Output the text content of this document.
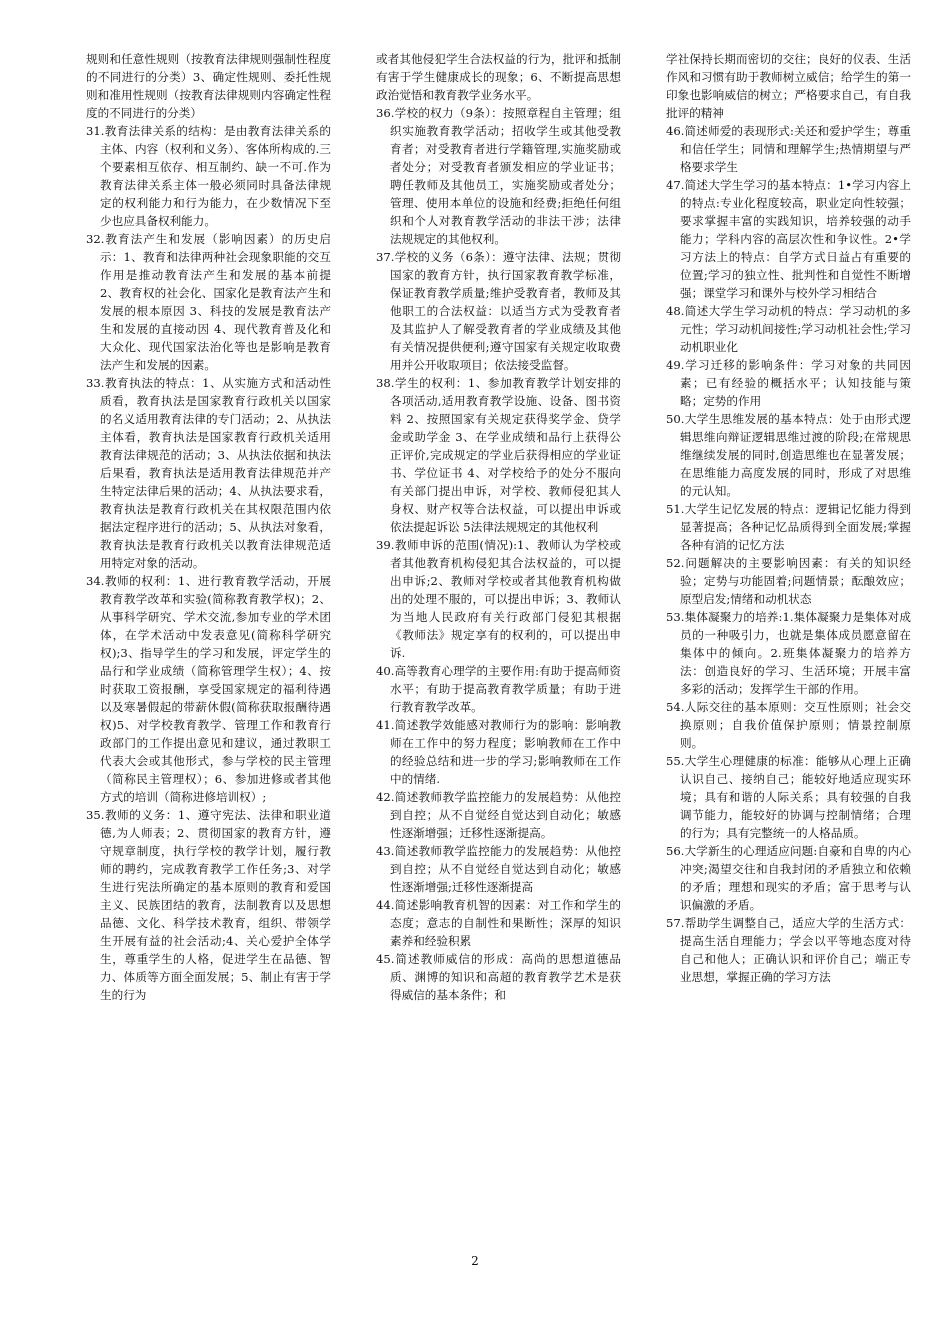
规则和任意性规则（按教育法律规则强制性程度的不同进行的分类）3、确定性规则、委托性规则和准用性规则（按教育法律规则内容确定性程度的不同进行的分类）

31.教育法律关系的结构：是由教育法律关系的主体、内容（权利和义务）、客体所构成的.三个要素相互依存、相互制约、缺一不可.作为教育法律关系主体一般必须同时具备法律规定的权利能力和行为能力，在少数情况下至少也应具备权利能力。

32.教育法产生和发展（影响因素）的历史启示：1、教育和法律两种社会现象职能的交互作用是推动教育法产生和发展的基本前提 2、教育权的社会化、国家化是教育法产生和发展的根本原因 3、科技的发展是教育法产生和发展的直接动因 4、现代教育普及化和大众化、现代国家法治化等也是影响是教育法产生和发展的因素。

33.教育执法的特点：1、从实施方式和活动性质看，教育执法是国家教育行政机关以国家的名义适用教育法律的专门活动；2、从执法主体看，教育执法是国家教育行政机关适用教育法律规范的活动；3、从执法依据和执法后果看，教育执法是适用教育法律规范并产生特定法律后果的活动；4、从执法要求看，教育执法是教育行政机关在其权限范围内依据法定程序进行的活动；5、从执法对象看，教育执法是教育行政机关以教育法律规范适用特定对象的活动。

34.教师的权利：1、进行教育教学活动，开展教育教学改革和实验(简称教育教学权)；2、从事科学研究、学术交流,参加专业的学术团体，在学术活动中发表意见(简称科学研究权);3、指导学生的学习和发展，评定学生的品行和学业成绩（简称管理学生权）；4、按时获取工资报酬，享受国家规定的福利待遇以及寒暑假起的带薪休假(简称获取报酬待遇权)5、对学校教育教学、管理工作和教育行政部门的工作提出意见和建议，通过教职工代表大会或其他形式，参与学校的民主管理（简称民主管理权）；6、参加进修或者其他方式的培训（简称进修培训权）;

35.教师的义务：1、遵守宪法、法律和职业道德,为人师表；2、贯彻国家的教育方针，遵守规章制度，执行学校的教学计划，履行教师的聘约，完成教育教学工作任务;3、对学生进行宪法所确定的基本原则的教育和爱国主义、民族团结的教育，法制教育以及思想品德、文化、科学技术教育，组织、带领学生开展有益的社会活动;4、关心爱护全体学生，尊重学生的人格，促进学生在品德、智力、体质等方面全面发展；5、制止有害于学生的行为

或者其他侵犯学生合法权益的行为，批评和抵制有害于学生健康成长的现象；6、不断提高思想政治觉悟和教育教学业务水平。

36.学校的权力（9条）：按照章程自主管理；组织实施教育教学活动；招收学生或其他受教育者；对受教育者进行学籍管理,实施奖励或者处分；对受教育者颁发相应的学业证书；聘任教师及其他员工，实施奖励或者处分；管理、使用本单位的设施和经费;拒绝任何组织和个人对教育教学活动的非法干涉；法律法规规定的其他权利。

37.学校的义务（6条）：遵守法律、法规；贯彻国家的教育方针，执行国家教育教学标准，保证教育教学质量;维护受教育者，教师及其他职工的合法权益：以适当方式为受教育者及其监护人了解受教育者的学业成绩及其他有关情况提供便利;遵守国家有关规定收取费用并公开收取项目；依法接受监督。

38.学生的权利：1、参加教育教学计划安排的各项活动,适用教育教学设施、设备、图书资料 2、按照国家有关规定获得奖学金、贷学金或助学金 3、在学业成绩和品行上获得公正评价,完成规定的学业后获得相应的学业证书、学位证书 4、对学校给予的处分不服向有关部门提出申诉，对学校、教师侵犯其人身权、财产权等合法权益，可以提出申诉或依法提起诉讼 5法律法规规定的其他权利

39.教师申诉的范围(情况):1、教师认为学校或者其他教育机构侵犯其合法权益的，可以提出申诉;2、教师对学校或者其他教育机构做出的处理不服的，可以提出申诉；3、教师认为当地人民政府有关行政部门侵犯其根据《教师法》规定享有的权利的，可以提出申诉.

40.高等教育心理学的主要作用:有助于提高师资水平；有助于提高教育教学质量；有助于进行教育教学改革。

41.简述教学效能感对教师行为的影响：影响教师在工作中的努力程度；影响教师在工作中的经验总结和进一步的学习;影响教师在工作中的情绪.

42.简述教师教学监控能力的发展趋势：从他控到自控；从不自觉经自觉达到自动化；敏感性逐渐增强；迁移性逐渐提高。

43.简述教师教学监控能力的发展趋势：从他控到自控；从不自觉经自觉达到自动化；敏感性逐渐增强;迁移性逐渐提高

44.简述影响教育机智的因素：对工作和学生的态度；意志的自制性和果断性；深厚的知识素养和经验积累

45.简述教师威信的形成：高尚的思想道德品质、渊博的知识和高超的教育教学艺术是获得威信的基本条件；和

学社保持长期而密切的交往；良好的仪表、生活作风和习惯有助于教师树立威信；给学生的第一印象也影响威信的树立；严格要求自己，有自我批评的精神

46.简述师爱的表现形式:关还和爱护学生；尊重和信任学生；同情和理解学生;热情期望与严格要求学生

47.简述大学生学习的基本特点：1•学习内容上的特点:专业化程度较高，职业定向性较强；要求掌握丰富的实践知识，培养较强的动手能力；学科内容的高层次性和争议性。2•学习方法上的特点：自学方式日益占有重要的位置;学习的独立性、批判性和自觉性不断增强；课堂学习和课外与校外学习相结合

48.简述大学生学习动机的特点：学习动机的多元性；学习动机间接性;学习动机社会性;学习动机职业化

49.学习迁移的影响条件：学习对象的共同因素；已有经验的概括水平；认知技能与策略；定势的作用

50.大学生思维发展的基本特点：处于由形式逻辑思维向辩证逻辑思维过渡的阶段;在常规思维继续发展的同时,创造思维也在显著发展；在思维能力高度发展的同时，形成了对思维的元认知。

51.大学生记忆发展的特点：逻辑记忆能力得到显著提高；各种记忆品质得到全面发展;掌握各种有消的记忆方法

52.问题解决的主要影响因素：有关的知识经验；定势与功能固着;问题情景；酝酿效应；原型启发;情绪和动机状态

53.集体凝聚力的培养:1.集体凝聚力是集体对成员的一种吸引力，也就是集体成员愿意留在集体中的倾向。2.班集体凝聚力的培养方法：创造良好的学习、生活环境；开展丰富多彩的活动；发挥学生干部的作用。

54.人际交往的基本原则：交互性原则；社会交换原则；自我价值保护原则；情景控制原则。

55.大学生心理健康的标准：能够从心理上正确认识自己、接纳自己；能较好地适应现实环境；具有和谐的人际关系；具有较强的自我调节能力，能较好的协调与控制情绪；合理的行为；具有完整统一的人格品质。

56.大学新生的心理适应问题:自豪和自卑的内心冲突;渴望交往和自我封闭的矛盾独立和依赖的矛盾；理想和现实的矛盾；富于思考与认识偏激的矛盾。

57.帮助学生调整自己，适应大学的生活方式：提高生活自理能力；学会以平等地态度对待自己和他人；正确认识和评价自己；端正专业思想，掌握正确的学习方法

2
